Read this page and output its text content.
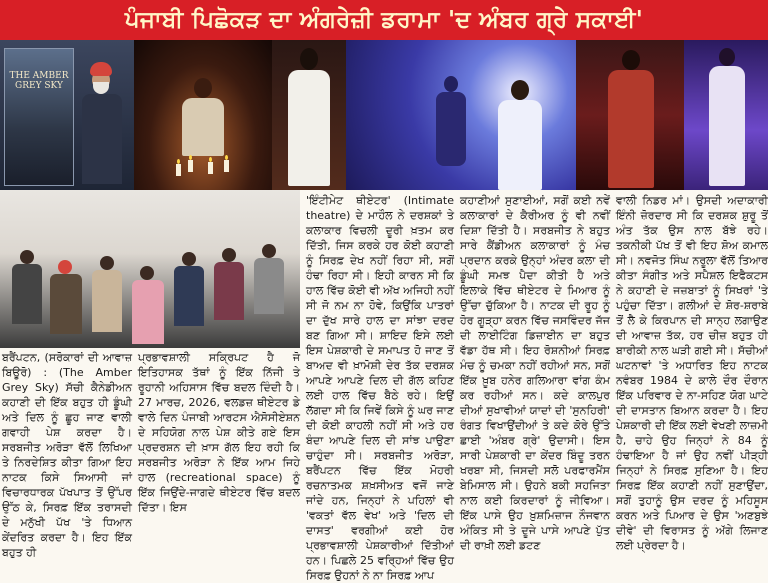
ਪੰਜਾਬੀ ਪਿਛੋਕੜ ਦਾ ਅੰਗਰੇਜ਼ੀ ਡਰਾਮਾ 'ਦ ਅੰਬਰ ਗ੍ਰੇ ਸਕਾਈ'
THE AMBER GREY SKY

ਬਰੈਂਪਟਨ, (ਸਰੋਕਾਰਾਂ ਦੀ ਆਵਾਜ਼ ਬਿਊਰੋ) : (The Amber Grey Sky) ਸੱਚੀ ਕੈਨੇਡੀਅਨ ਕਹਾਣੀ ਦੀ ਇੱਕ ਬਹੁਤ ਹੀ ਡੂੰਘੀ ਅਤੇ ਦਿਲ ਨੂੰ ਛੂਹ ਜਾਣ ਵਾਲੀ ਗਵਾਹੀ ਪੇਸ਼ ਕਰਦਾ ਹੈ। ਸਰਬਜੀਤ ਅਰੋੜਾ ਵੱਲੋਂ ਲਿਖਿਆ ਤੇ ਨਿਰਦੇਸ਼ਿਤ ਕੀਤਾ ਗਿਆ ਇਹ ਨਾਟਕ ਕਿਸੇ ਸਿਆਸੀ ਜਾਂ ਵਿਚਾਰਧਾਰਕ ਪੱਖਪਾਤ ਤੋਂ ਉੱਪਰ ਉੱਠ ਕੇ, ਸਿਰਫ਼ ਇੱਕ ਤਰਾਸਦੀ ਦੇ ਮਨੁੱਖੀ ਪੱਖ 'ਤੇ ਧਿਆਨ ਕੇਂਦਰਿਤ ਕਰਦਾ ਹੈ। ਇਹ ਇੱਕ ਬਹੁਤ ਹੀ

ਪ੍ਰਭਾਵਸ਼ਾਲੀ ਸਕ੍ਰਿਪਟ ਹੈ ਜੋ ਇਤਿਹਾਸਕ ਤੱਥਾਂ ਨੂੰ ਇੱਕ ਨਿੱਜੀ ਤੇ ਰੂਹਾਨੀ ਅਹਿਸਾਸ ਵਿੱਚ ਬਦਲ ਦਿੰਦੀ ਹੈ। 27 ਮਾਰਚ, 2026, ਵਲਡਜ਼ ਥੀਏਟਰ ਡੇ ਵਾਲੇ ਦਿਨ ਪੰਜਾਬੀ ਆਰਟਸ ਐਸੋਸੀਏਸ਼ਨ ਦੇ ਸਹਿਯੋਗ ਨਾਲ ਪੇਸ਼ ਕੀਤੇ ਗਏ ਇਸ ਪ੍ਰਦਰਸ਼ਨ ਦੀ ਖ਼ਾਸ ਗੱਲ ਇਹ ਰਹੀ ਕਿ ਸਰਬਜੀਤ ਅਰੋੜਾ ਨੇ ਇੱਕ ਆਮ ਜਿਹੇ ਹਾਲ (recreational space) ਨੂੰ ਇੱਕ ਜਿਉਂਦੇ-ਜਾਗਦੇ ਥੀਏਟਰ ਵਿੱਚ ਬਦਲ ਦਿੱਤਾ। ਇਸ

'ਇੰਟੀਮੇਟ ਥੀਏਟਰ' (Intimate theatre) ਦੇ ਮਾਹੌਲ ਨੇ ਦਰਸ਼ਕਾਂ ਤੇ ਕਲਾਕਾਰ ਵਿਚਲੀ ਦੂਰੀ ਖ਼ਤਮ ਕਰ ਦਿੱਤੀ, ਜਿਸ ਕਰਕੇ ਹਰ ਕੋਈ ਕਹਾਣੀ ਨੂੰ ਸਿਰਫ਼ ਦੇਖ ਨਹੀਂ ਰਿਹਾ ਸੀ, ਸਗੋਂ ਹੰਢਾ ਰਿਹਾ ਸੀ। ਇਹੀ ਕਾਰਨ ਸੀ ਕਿ ਹਾਲ ਵਿੱਚ ਕੋਈ ਵੀ ਅੱਖ ਅਜਿਹੀ ਨਹੀਂ ਸੀ ਜੋ ਨਮ ਨਾ ਹੋਵੇ, ਕਿਉਂਕਿ ਪਾਤਰਾਂ ਦਾ ਦੁੱਖ ਸਾਰੇ ਹਾਲ ਦਾ ਸਾਂਝਾ ਦਰਦ ਬਣ ਗਿਆ ਸੀ। ਸ਼ਾਇਦ ਇਸੇ ਲਈ ਇਸ ਪੇਸ਼ਕਾਰੀ ਦੇ ਸਮਾਪਤ ਹੋ ਜਾਣ ਤੋਂ ਬਾਅਦ ਵੀ ਖ਼ਾਮੋਸ਼ੀ ਦੇਰ ਤੱਕ ਦਰਸ਼ਕ ਆਪਣੇ ਆਪਣੇ ਦਿਲ ਦੀ ਗੱਲ ਕਹਿਣ ਲਈ ਹਾਲ ਵਿੱਚ ਬੈਠੇ ਰਹੇ। ਇਉਂ ਲੱਗਦਾ ਸੀ ਕਿ ਜਿਵੇਂ ਕਿਸੇ ਨੂੰ ਘਰ ਜਾਣ ਦੀ ਕੋਈ ਕਾਹਲੀ ਨਹੀਂ ਸੀ ਅਤੇ ਹਰ ਬੰਦਾ ਆਪਣੇ ਦਿਲ ਦੀ ਸਾਂਝ ਪਾਉਣਾ ਚਾਹੁੰਦਾ ਸੀ। ਸਰਬਜੀਤ ਅਰੋੜਾ, ਬਰੈਂਪਟਨ ਵਿੱਚ ਇੱਕ ਮੋਹਰੀ ਰਚਨਾਤਮਕ ਸ਼ਖ਼ਸੀਅਤ ਵਜੋਂ ਜਾਣੇ ਜਾਂਦੇ ਹਨ, ਜਿਨ੍ਹਾਂ ਨੇ ਪਹਿਲਾਂ ਵੀ 'ਵਕਤਾਂ ਵੱਲ ਵੇਖ' ਅਤੇ 'ਦਿਲ ਦੀ ਦਾਸਤ' ਵਰਗੀਆਂ ਕਈ ਹੋਰ ਪ੍ਰਭਾਵਸ਼ਾਲੀ ਪੇਸ਼ਕਾਰੀਆਂ ਦਿੱਤੀਆਂ ਹਨ। ਪਿਛਲੇ 25 ਵਰ੍ਹਿਆਂ ਵਿੱਚ ਉਹ ਸਿਰਫ਼ ਉਹਨਾਂ ਨੇ ਨਾ ਸਿਰਫ਼ ਆਪ

ਕਹਾਣੀਆਂ ਸੁਣਾਈਆਂ, ਸਗੋਂ ਕਈ ਨਵੇਂ ਕਲਾਕਾਰਾਂ ਦੇ ਕੈਰੀਅਰ ਨੂੰ ਵੀ ਨਵੀਂ ਦਿਸ਼ਾ ਦਿੱਤੀ ਹੈ। ਸਰਬਜੀਤ ਨੇ ਬਹੁਤ ਸਾਰੇ ਕੈਂਡੀਅਨ ਕਲਾਕਾਰਾਂ ਨੂੰ ਮੰਚ ਪ੍ਰਦਾਨ ਕਰਕੇ ਉਨ੍ਹਾਂ ਅੰਦਰ ਕਲਾ ਦੀ ਡੂੰਘੀ ਸਮਝ ਪੈਦਾ ਕੀਤੀ ਹੈ ਅਤੇ ਇਲਾਕੇ ਵਿੱਚ ਥੀਏਟਰ ਦੇ ਮਿਆਰ ਨੂੰ ਉੱਚਾ ਚੁੱਕਿਆ ਹੈ। ਨਾਟਕ ਦੀ ਰੂਹ ਨੂੰ ਹੋਰ ਗੂੜ੍ਹਾ ਕਰਨ ਵਿੱਚ ਜਸਵਿੰਦਰ ਜੱਜ ਦੀ ਲਾਈਟਿੰਗ ਡਿਜ਼ਾਈਨ ਦਾ ਬਹੁਤ ਵੱਡਾ ਹੱਥ ਸੀ। ਇਹ ਰੋਸ਼ਨੀਆਂ ਸਿਰਫ਼ ਮੰਚ ਨੂੰ ਚਮਕਾ ਨਹੀਂ ਰਹੀਆਂ ਸਨ, ਸਗੋਂ ਇੱਕ ਖ਼ੂਬ ਹਨੇਰ ਗਲਿਆਰਾ ਵਾਂਗ ਕੰਮ ਕਰ ਰਹੀਆਂ ਸਨ। ਕਦੇ ਕਾਲਪੁਰ ਦੀਆਂ ਸੁਖਾਵੀਆਂ ਯਾਦਾਂ ਦੀ 'ਸੁਨਹਿਰੀ' ਰੰਗਤ ਵਿਖਾਉਂਦੀਆਂ ਤੇ ਕਦੇ ਕੋਰੇ ਉੱਤੇ ਛਾਈ 'ਅੰਬਰ ਗ੍ਰੇ' ਉਦਾਸੀ। ਇਸ ਸਾਰੀ ਪੇਸ਼ਕਾਰੀ ਦਾ ਕੇਂਦਰ ਬਿੰਦੂ ਤਰਨ ਖਰਬਾ ਸੀ, ਜਿਸਦੀ ਸਲੋ ਪਰਫਾਰਮੈਂਸ ਬੇਮਿਸਾਲ ਸੀ। ਉਹਨੇ ਬਕੀ ਸਹਜਿਤਾ ਨਾਲ ਕਈ ਕਿਰਦਾਰਾਂ ਨੂੰ ਜੀਵਿਆ। ਇੱਕ ਪਾਸੇ ਉਹ ਖ਼ੁਸ਼ਮਿਜ਼ਾਜ ਨੌਜਵਾਨ ਅੰਕਿਤ ਸੀ ਤੇ ਦੂਜੇ ਪਾਸੇ ਆਪਣੇ ਪੁੱਤ ਦੀ ਰਾਖ਼ੀ ਲਈ ਡਟਣ

ਵਾਲੀ ਨਿਡਰ ਮਾਂ। ਉਸਦੀ ਅਦਾਕਾਰੀ ਇੰਨੀ ਜ਼ੋਰਦਾਰ ਸੀ ਕਿ ਦਰਸ਼ਕ ਸ਼ੁਰੂ ਤੋਂ ਅੰਤ ਤੱਕ ਉਸ ਨਾਲ ਬੱਝੇ ਰਹੇ। ਤਕਨੀਕੀ ਪੱਖ ਤੋਂ ਵੀ ਇਹ ਸ਼ੋਅ ਕਮਾਲ ਸੀ। ਨਵਜੋਤ ਸਿੰਘ ਨਰੂਲਾ ਵੱਲੋਂ ਤਿਆਰ ਕੀਤਾ ਸੰਗੀਤ ਅਤੇ ਸਪੈਸ਼ਲ ਇਫੈਕਟਸ ਨੇ ਕਹਾਣੀ ਦੇ ਜਜ਼ਬਾਤਾਂ ਨੂੰ ਸਿਖਰਾਂ 'ਤੇ ਪਹੁੰਚਾ ਦਿੱਤਾ। ਗਲੀਆਂ ਦੇ ਸ਼ੋਰ-ਸ਼ਰਾਬੇ ਤੋਂ ਲੈ ਕੇ ਕਿਰਪਾਨ ਦੀ ਸਾਨ੍ਹ ਲਗਾਉਣ ਦੀ ਆਵਾਜ਼ ਤੱਕ, ਹਰ ਚੀਜ਼ ਬਹੁਤ ਹੀ ਬਾਰੀਕੀ ਨਾਲ ਘੜੀ ਗਈ ਸੀ। ਸੱਚੀਆਂ ਘਟਨਾਵਾਂ 'ਤੇ ਅਧਾਰਿਤ ਇਹ ਨਾਟਕ ਨਵੰਬਰ 1984 ਦੇ ਕਾਲੇ ਦੌਰ ਦੌਰਾਨ ਇੱਕ ਪਰਿਵਾਰ ਦੇ ਨਾ-ਸਹਿਣ ਯੋਗ ਘਾਟੇ ਦੀ ਦਾਸਤਾਨ ਬਿਆਨ ਕਰਦਾ ਹੈ। ਇਹ ਪੇਸ਼ਕਾਰੀ ਦੀ ਇੱਕ ਲਈ ਵੇਖਣੀ ਲਾਜ਼ਮੀ ਹੈ, ਚਾਹੇ ਉਹ ਜਿਨ੍ਹਾਂ ਨੇ 84 ਨੂੰ ਹੰਢਾਇਆ ਹੈ ਜਾਂ ਉਹ ਨਵੀਂ ਪੀੜ੍ਹੀ ਜਿਨ੍ਹਾਂ ਨੇ ਸਿਰਫ਼ ਸੁਣਿਆ ਹੈ। ਇਹ ਸਿਰਫ਼ ਇੱਕ ਕਹਾਣੀ ਨਹੀਂ ਸੁਣਾਉਂਦਾ, ਸਗੋਂ ਤੁਹਾਨੂੰ ਉਸ ਦਰਦ ਨੂੰ ਮਹਿਸੂਸ ਕਰਨ ਅਤੇ ਪਿਆਰ ਦੇ ਉਸ 'ਅਣਬੁਝੇ ਦੀਵੇ' ਦੀ ਵਿਰਾਸਤ ਨੂੰ ਅੱਗੇ ਲਿਜਾਣ ਲਈ ਪ੍ਰੇਰਦਾ ਹੈ।
